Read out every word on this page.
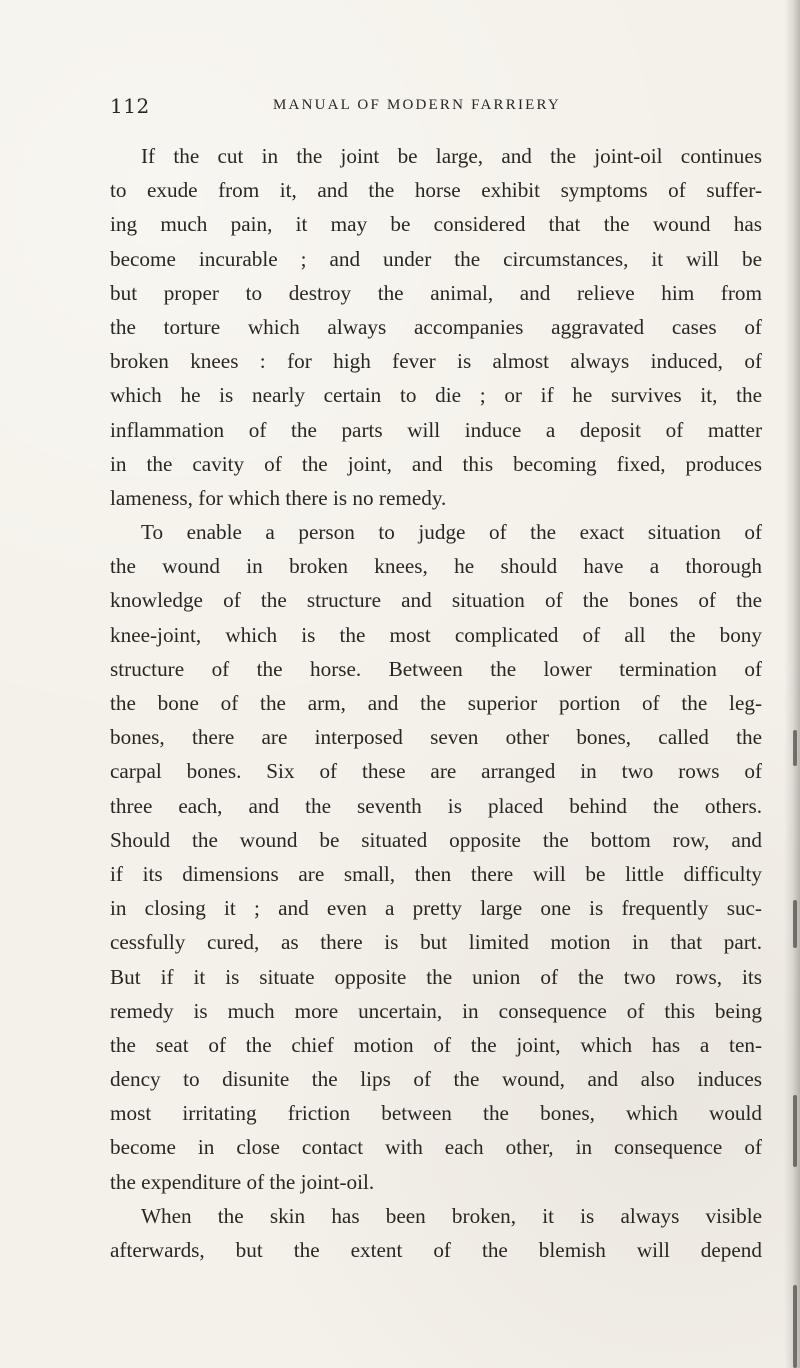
112	MANUAL OF MODERN FARRIERY
If the cut in the joint be large, and the joint-oil continues
to exude from it, and the horse exhibit symptoms of suffer-
ing much pain, it may be considered that the wound has
become incurable ; and under the circumstances, it will be
but proper to destroy the animal, and relieve him from
the torture which always accompanies aggravated cases of
broken knees : for high fever is almost always induced, of
which he is nearly certain to die ; or if he survives it, the
inflammation of the parts will induce a deposit of matter
in the cavity of the joint, and this becoming fixed, produces
lameness, for which there is no remedy.
To enable a person to judge of the exact situation of
the wound in broken knees, he should have a thorough
knowledge of the structure and situation of the bones of the
knee-joint, which is the most complicated of all the bony
structure of the horse. Between the lower termination of
the bone of the arm, and the superior portion of the leg-
bones, there are interposed seven other bones, called the
carpal bones. Six of these are arranged in two rows of
three each, and the seventh is placed behind the others.
Should the wound be situated opposite the bottom row, and
if its dimensions are small, then there will be little difficulty
in closing it ; and even a pretty large one is frequently suc-
cessfully cured, as there is but limited motion in that part.
But if it is situate opposite the union of the two rows, its
remedy is much more uncertain, in consequence of this being
the seat of the chief motion of the joint, which has a ten-
dency to disunite the lips of the wound, and also induces
most irritating friction between the bones, which would
become in close contact with each other, in consequence of
the expenditure of the joint-oil.
When the skin has been broken, it is always visible
afterwards, but the extent of the blemish will depend
